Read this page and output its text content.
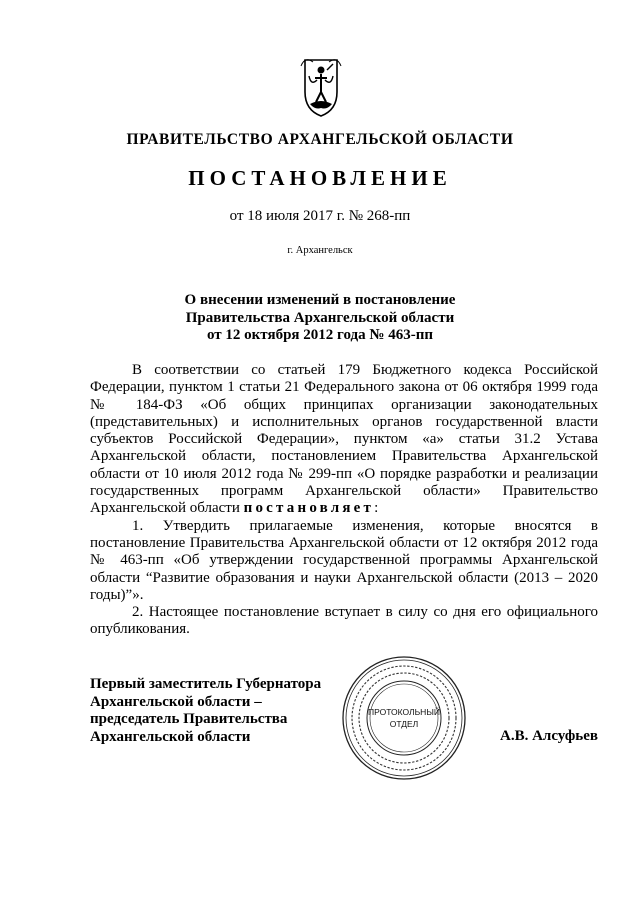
ПРАВИТЕЛЬСТВО АРХАНГЕЛЬСКОЙ ОБЛАСТИ
ПОСТАНОВЛЕНИЕ
от 18 июля 2017 г. № 268-пп
г. Архангельск
О внесении изменений в постановление
Правительства Архангельской области
от 12 октября 2012 года № 463-пп

В соответствии со статьей 179 Бюджетного кодекса Российской Федерации, пунктом 1 статьи 21 Федерального закона от 06 октября 1999 года № 184-ФЗ «Об общих принципах организации законодательных (представительных) и исполнительных органов государственной власти субъектов Российской Федерации», пунктом «а» статьи 31.2 Устава Архангельской области, постановлением Правительства Архангельской области от 10 июля 2012 года № 299-пп «О порядке разработки и реализации государственных программ Архангельской области» Правительство Архангельской области постановляет:

1. Утвердить прилагаемые изменения, которые вносятся в постановление Правительства Архангельской области от 12 октября 2012 года № 463-пп «Об утверждении государственной программы Архангельской области “Развитие образования и науки Архангельской области (2013 – 2020 годы)”».

2. Настоящее постановление вступает в силу со дня его официального опубликования.

Первый заместитель Губернатора
Архангельской области –
председатель Правительства
Архангельской области
ПРОТОКОЛЬНЫЙ
ОТДЕЛ
А.В. Алсуфьев
